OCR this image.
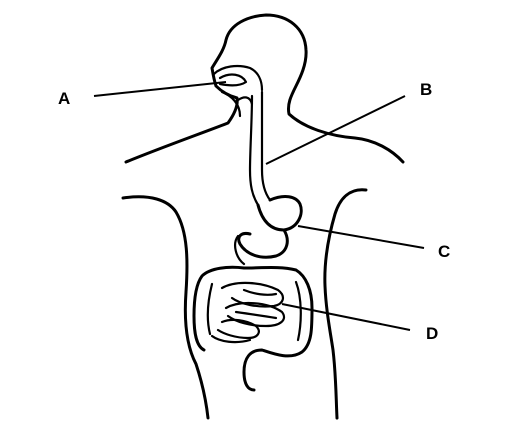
A	B
C
D
